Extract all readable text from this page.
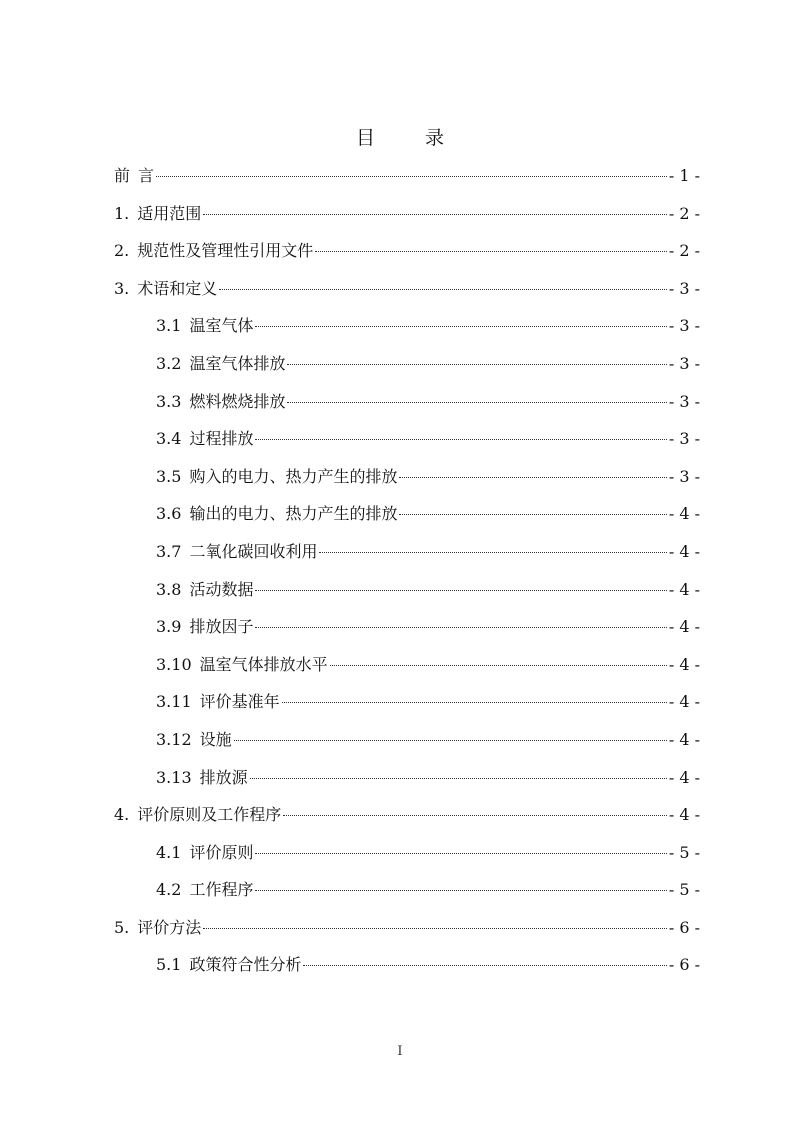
目 录
前 言	- 1 -
1. 适用范围	- 2 -
2. 规范性及管理性引用文件	- 2 -
3. 术语和定义	- 3 -
3.1 温室气体	- 3 -
3.2 温室气体排放	- 3 -
3.3 燃料燃烧排放	- 3 -
3.4 过程排放	- 3 -
3.5 购入的电力、热力产生的排放	- 3 -
3.6 输出的电力、热力产生的排放	- 4 -
3.7 二氧化碳回收利用	- 4 -
3.8 活动数据	- 4 -
3.9 排放因子	- 4 -
3.10 温室气体排放水平	- 4 -
3.11 评价基准年	- 4 -
3.12 设施	- 4 -
3.13 排放源	- 4 -
4. 评价原则及工作程序	- 4 -
4.1 评价原则	- 5 -
4.2 工作程序	- 5 -
5. 评价方法	- 6 -
5.1 政策符合性分析	- 6 -
I
